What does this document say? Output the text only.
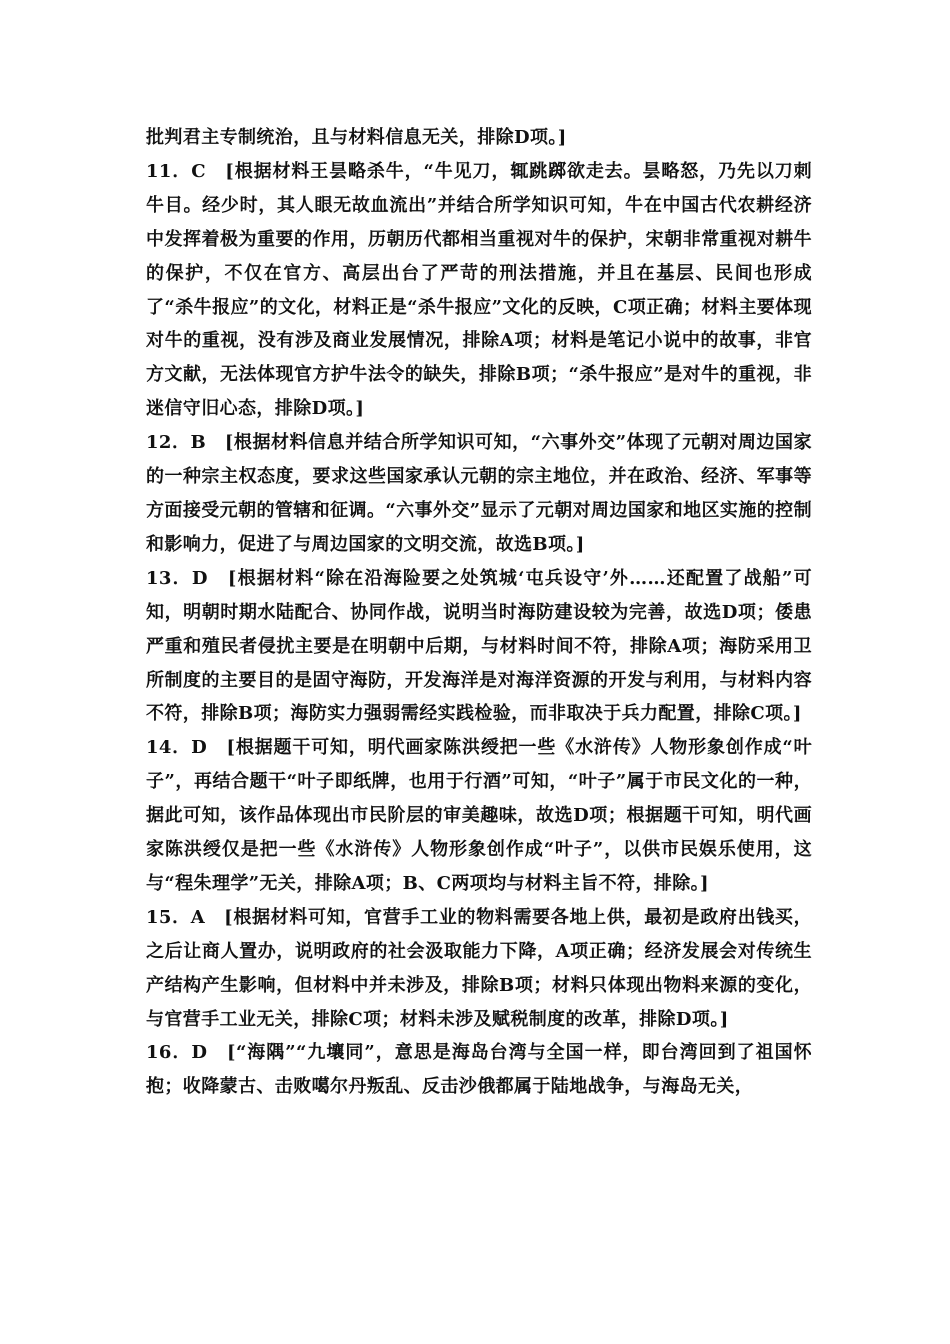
批判君主专制统治，且与材料信息无关，排除D项。]

11．C　[根据材料王昙略杀牛，“牛见刀，辄跳踯欲走去。昙略怒，乃先以刀刺牛目。经少时，其人眼无故血流出”并结合所学知识可知，牛在中国古代农耕经济中发挥着极为重要的作用，历朝历代都相当重视对牛的保护，宋朝非常重视对耕牛的保护，不仅在官方、高层出台了严苛的刑法措施，并且在基层、民间也形成了“杀牛报应”的文化，材料正是“杀牛报应”文化的反映，C项正确；材料主要体现对牛的重视，没有涉及商业发展情况，排除A项；材料是笔记小说中的故事，非官方文献，无法体现官方护牛法令的缺失，排除B项；“杀牛报应”是对牛的重视，非迷信守旧心态，排除D项。]

12．B　[根据材料信息并结合所学知识可知，“六事外交”体现了元朝对周边国家的一种宗主权态度，要求这些国家承认元朝的宗主地位，并在政治、经济、军事等方面接受元朝的管辖和征调。“六事外交”显示了元朝对周边国家和地区实施的控制和影响力，促进了与周边国家的文明交流，故选B项。]

13．D　[根据材料“除在沿海险要之处筑城‘屯兵设守’外……还配置了战船”可知，明朝时期水陆配合、协同作战，说明当时海防建设较为完善，故选D项；倭患严重和殖民者侵扰主要是在明朝中后期，与材料时间不符，排除A项；海防采用卫所制度的主要目的是固守海防，开发海洋是对海洋资源的开发与利用，与材料内容不符，排除B项；海防实力强弱需经实践检验，而非取决于兵力配置，排除C项。]

14．D　[根据题干可知，明代画家陈洪绶把一些《水浒传》人物形象创作成“叶子”，再结合题干“叶子即纸牌，也用于行酒”可知，“叶子”属于市民文化的一种，据此可知，该作品体现出市民阶层的审美趣味，故选D项；根据题干可知，明代画家陈洪绶仅是把一些《水浒传》人物形象创作成“叶子”，以供市民娱乐使用，这与“程朱理学”无关，排除A项；B、C两项均与材料主旨不符，排除。]

15．A　[根据材料可知，官营手工业的物料需要各地上供，最初是政府出钱买，之后让商人置办，说明政府的社会汲取能力下降，A项正确；经济发展会对传统生产结构产生影响，但材料中并未涉及，排除B项；材料只体现出物料来源的变化，与官营手工业无关，排除C项；材料未涉及赋税制度的改革，排除D项。]

16．D　[“海隅”“九壤同”，意思是海岛台湾与全国一样，即台湾回到了祖国怀抱；收降蒙古、击败噶尔丹叛乱、反击沙俄都属于陆地战争，与海岛无关，
